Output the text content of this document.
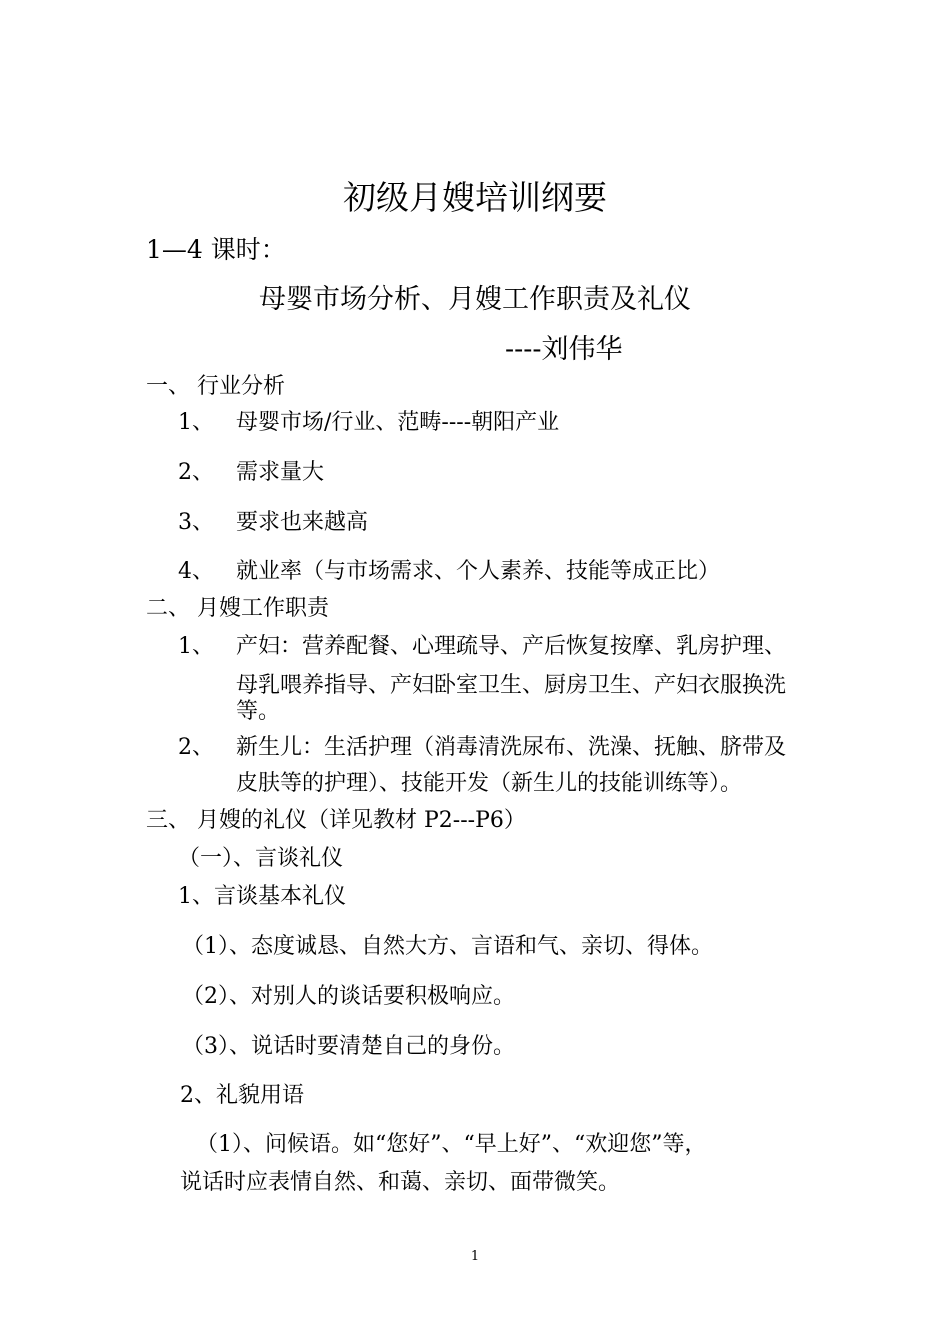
初级月嫂培训纲要
1—4 课时：
母婴市场分析、月嫂工作职责及礼仪
----刘伟华
一、 行业分析
1、 母婴市场/行业、范畴----朝阳产业
2、 需求量大
3、 要求也来越高
4、 就业率（与市场需求、个人素养、技能等成正比）
二、 月嫂工作职责
1、 产妇：营养配餐、心理疏导、产后恢复按摩、乳房护理、
母乳喂养指导、产妇卧室卫生、厨房卫生、产妇衣服换洗
等。
2、 新生儿：生活护理（消毒清洗尿布、洗澡、抚触、脐带及
皮肤等的护理）、技能开发（新生儿的技能训练等）。
三、 月嫂的礼仪（详见教材 P2---P6）
（一）、言谈礼仪
1、言谈基本礼仪
（1）、态度诚恳、自然大方、言语和气、亲切、得体。
（2）、对别人的谈话要积极响应。
（3）、说话时要清楚自己的身份。
2、礼貌用语
（1）、问候语。如“您好”、“早上好”、“欢迎您”等，
说话时应表情自然、和蔼、亲切、面带微笑。
1
